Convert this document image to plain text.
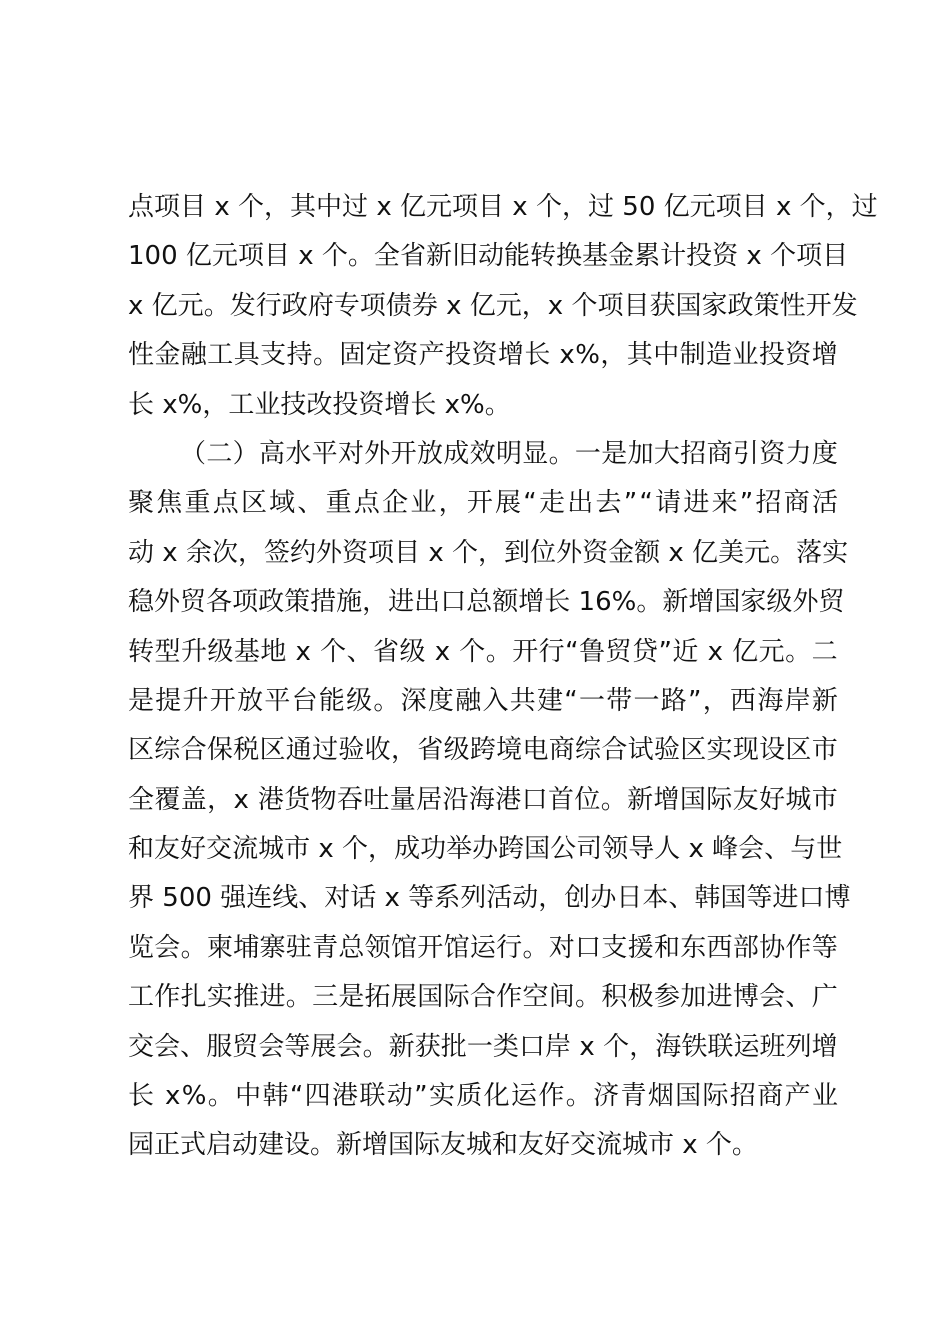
点 项 目
x
个 ， 其 中 过
x
亿 元 项 目
x
个 ， 过
5 0
亿 元 项 目
x
个 ， 过
1 0 0
亿 元 项 目
x
个 。 全 省 新 旧 动 能 转 换 基 金 累 计 投 资
x
个 项 目
x
亿 元 。 发 行 政 府 专 项 债 券
x
亿 元 ， x
个 项 目 获 国 家 政 策 性 开 发
性 金 融 工 具 支 持 。 固 定 资 产 投 资 增 长
x % ， 其 中 制 造 业 投 资 增
长 x%，工业技改投资增长 x%。
（ 二 ） 高 水 平 对 外 开 放 成 效 明 显 。 一 是 加 大 招 商 引 资 力 度
聚 焦 重 点 区 域 、 重 点 企 业 ， 开 展 “ 走 出 去 ” “ 请 进 来 ” 招 商 活
动
x
余 次 ， 签 约 外 资 项 目
x
个 ， 到 位 外 资 金 额
x
亿 美 元 。 落 实
稳 外 贸 各 项 政 策 措 施 ， 进 出 口 总 额 增 长
1 6 % 。 新 增 国 家 级 外 贸
转 型 升 级 基 地
x
个 、 省 级
x
个 。 开 行 “ 鲁 贸 贷 ” 近
x
亿 元 。 二
是 提 升 开 放 平 台 能 级 。 深 度 融 入 共 建 “ 一 带 一 路 ” ， 西 海 岸 新
区 综 合 保 税 区 通 过 验 收 ， 省 级 跨 境 电 商 综 合 试 验 区 实 现 设 区 市
全 覆 盖 ， x
港 货 物 吞 吐 量 居 沿 海 港 口 首 位 。 新 增 国 际 友 好 城 市
和 友 好 交 流 城 市
x
个 ， 成 功 举 办 跨 国 公 司 领 导 人
x
峰 会 、 与 世
界
5 0 0
强 连 线 、 对 话
x
等 系 列 活 动 ， 创 办 日 本 、 韩 国 等 进 口 博
览 会 。 柬 埔 寨 驻 青 总 领 馆 开 馆 运 行 。 对 口 支 援 和 东 西 部 协 作 等
工 作 扎 实 推 进 。 三 是 拓 展 国 际 合 作 空 间 。 积 极 参 加 进 博 会 、 广
交 会 、 服 贸 会 等 展 会 。 新 获 批 一 类 口 岸
x
个 ， 海 铁 联 运 班 列 增
长
x % 。 中 韩 “ 四 港 联 动 ” 实 质 化 运 作 。 济 青 烟 国 际 招 商 产 业
园正式启动建设。新增国际友城和友好交流城市 x 个。
